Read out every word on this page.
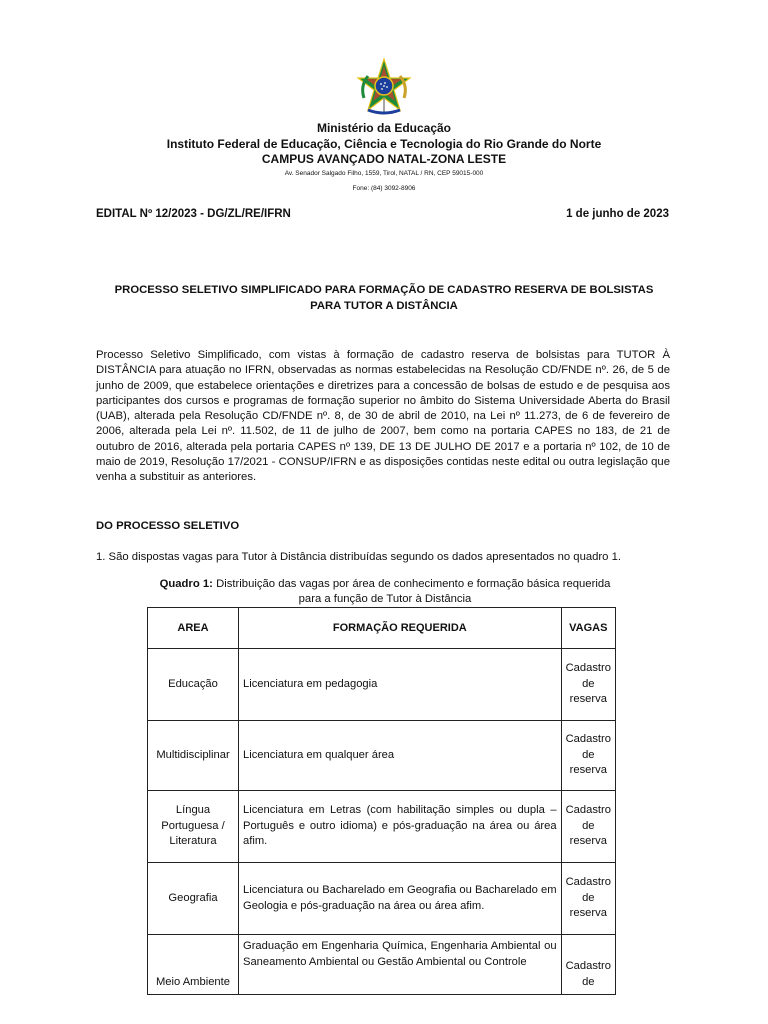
Ministério da Educação
Instituto Federal de Educação, Ciência e Tecnologia do Rio Grande do Norte
CAMPUS AVANÇADO NATAL-ZONA LESTE
Av. Senador Salgado Filho, 1559, Tirol, NATAL / RN, CEP 59015-000
Fone: (84) 3092-8906
EDITAL Nº 12/2023 - DG/ZL/RE/IFRN	1 de junho de 2023
PROCESSO SELETIVO SIMPLIFICADO PARA FORMAÇÃO DE CADASTRO RESERVA DE BOLSISTAS PARA TUTOR A DISTÂNCIA
Processo Seletivo Simplificado, com vistas à formação de cadastro reserva de bolsistas para TUTOR À DISTÂNCIA para atuação no IFRN, observadas as normas estabelecidas na Resolução CD/FNDE nº. 26, de 5 de junho de 2009, que estabelece orientações e diretrizes para a concessão de bolsas de estudo e de pesquisa aos participantes dos cursos e programas de formação superior no âmbito do Sistema Universidade Aberta do Brasil (UAB), alterada pela Resolução CD/FNDE nº. 8, de 30 de abril de 2010, na Lei nº 11.273, de 6 de fevereiro de 2006, alterada pela Lei nº. 11.502, de 11 de julho de 2007, bem como na portaria CAPES no 183, de 21 de outubro de 2016, alterada pela portaria CAPES nº 139, DE 13 DE JULHO DE 2017 e a portaria nº 102, de 10 de maio de 2019, Resolução 17/2021 - CONSUP/IFRN e as disposições contidas neste edital ou outra legislação que venha a substituir as anteriores.
DO PROCESSO SELETIVO
1. São dispostas vagas para Tutor à Distância distribuídas segundo os dados apresentados no quadro 1.
Quadro 1: Distribuição das vagas por área de conhecimento e formação básica requerida para a função de Tutor à Distância
AREA	FORMAÇÃO REQUERIDA	VAGAS
Educação	Licenciatura em pedagogia	Cadastro de reserva
Multidisciplinar	Licenciatura em qualquer área	Cadastro de reserva
Língua Portuguesa / Literatura	Licenciatura em Letras (com habilitação simples ou dupla – Português e outro idioma) e pós-graduação na área ou área afim.	Cadastro de reserva
Geografia	Licenciatura ou Bacharelado em Geografia ou Bacharelado em Geologia e pós-graduação na área ou área afim.	Cadastro de reserva
Meio Ambiente	Graduação em Engenharia Química, Engenharia Ambiental ou Saneamento Ambiental ou Gestão Ambiental ou Controle	Cadastro de
